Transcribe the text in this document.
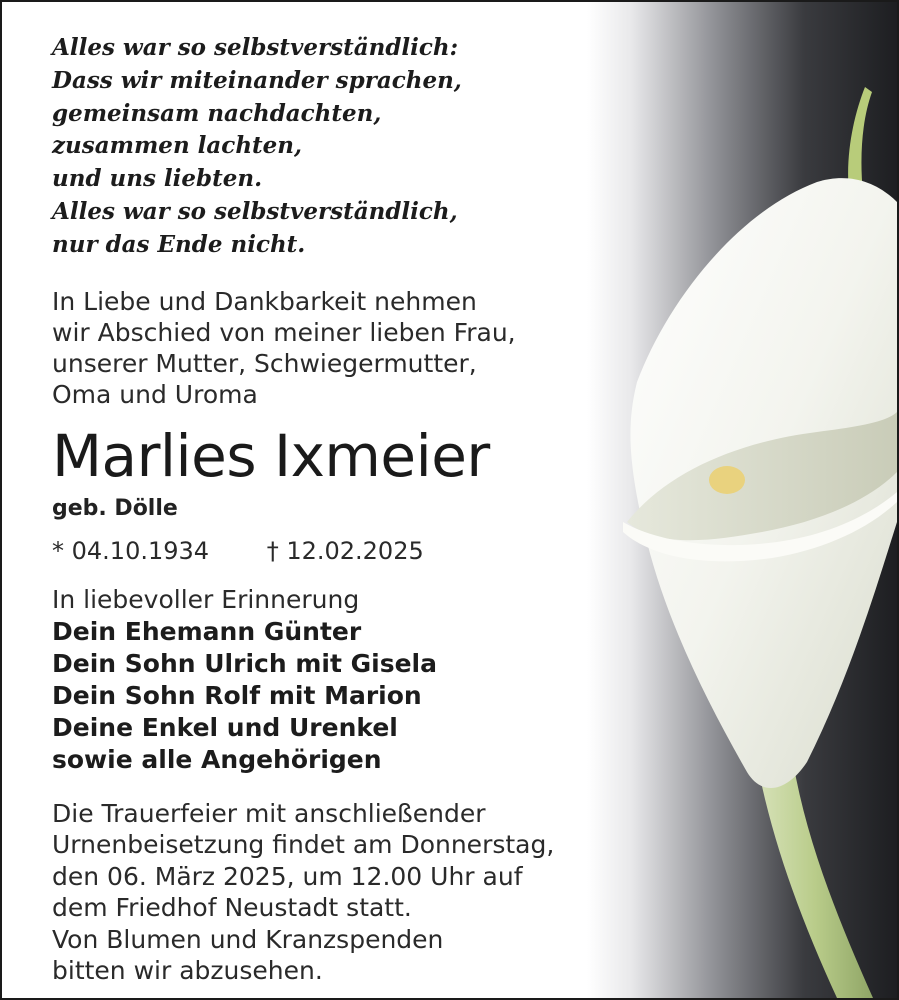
Alles war so selbstverständlich:
Dass wir miteinander sprachen,
gemeinsam nachdachten,
zusammen lachten,
und uns liebten.
Alles war so selbstverständlich,
nur das Ende nicht.
In Liebe und Dankbarkeit nehmen
wir Abschied von meiner lieben Frau,
unserer Mutter, Schwiegermutter,
Oma und Uroma
Marlies Ixmeier
geb. Dölle
* 04.10.1934 † 12.02.2025
In liebevoller Erinnerung
Dein Ehemann Günter
Dein Sohn Ulrich mit Gisela
Dein Sohn Rolf mit Marion
Deine Enkel und Urenkel
sowie alle Angehörigen
Die Trauerfeier mit anschließender
Urnenbeisetzung findet am Donnerstag,
den 06. März 2025, um 12.00 Uhr auf
dem Friedhof Neustadt statt.
Von Blumen und Kranzspenden
bitten wir abzusehen.
